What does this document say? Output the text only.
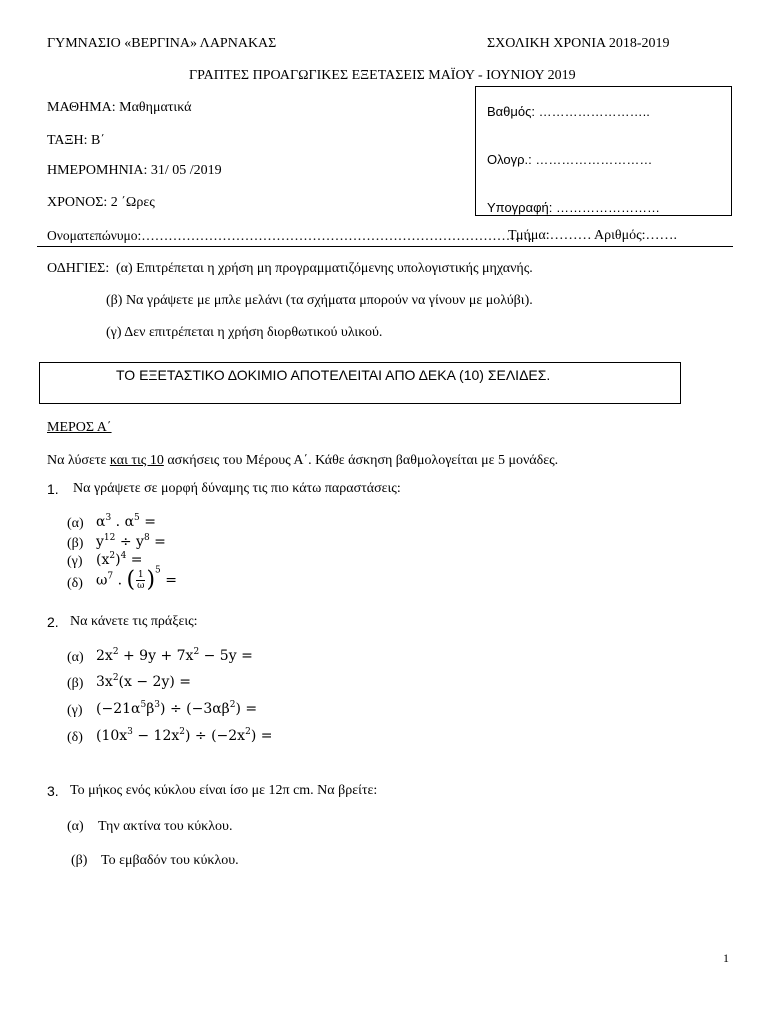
ΓΥΜΝΑΣΙΟ «ΒΕΡΓΙΝΑ» ΛΑΡΝΑΚΑΣ	ΣΧΟΛΙΚΗ ΧΡΟΝΙΑ 2018-2019
ΓΡΑΠΤΕΣ ΠΡΟΑΓΩΓΙΚΕΣ ΕΞΕΤΑΣΕΙΣ ΜΑΪΟΥ - ΙΟΥΝΙΟΥ 2019
ΜΑΘΗΜΑ: Μαθηματικά
ΤΑΞΗ: Β΄
ΗΜΕΡΟΜΗΝΙΑ: 31/ 05 /2019
ΧΡΟΝΟΣ: 2 ΄Ωρες
Βαθμός: ……………………..
Ολογρ.: ………………………
Υπογραφή: ……………………
Ονοματεπώνυμο:……………………………………………………………………………
Τμήμα:……… Αριθμός:…….
ΟΔΗΓΙΕΣ: (α) Επιτρέπεται η χρήση μη προγραμματιζόμενης υπολογιστικής μηχανής.
(β) Να γράψετε με μπλε μελάνι (τα σχήματα μπορούν να γίνουν με μολύβι).
(γ) Δεν επιτρέπεται η χρήση διορθωτικού υλικού.
ΤΟ ΕΞΕΤΑΣΤΙΚΟ ΔΟΚΙΜΙΟ ΑΠΟΤΕΛΕΙΤΑΙ ΑΠΟ ΔΕΚΑ (10) ΣΕΛΙΔΕΣ.
ΜΕΡΟΣ Α΄
Να λύσετε και τις 10 ασκήσεις του Μέρους Α΄. Κάθε άσκηση βαθμολογείται με 5 μονάδες.
1. Να γράψετε σε μορφή δύναμης τις πιο κάτω παραστάσεις:
(α) $\alpha^3$ . $\alpha^5$ =
(β) $y^{12} \div y^8$ =
(γ) $(x^2)^4$ =
(δ) $\omega^7$ . ( $\frac{1}{\omega} )^5$ =
2. Να κάνετε τις πράξεις:
(α) $2x^2 + 9y + 7x^2 - 5y$ =
(β) $3x^2(x - 2y)$ =
(γ) $(-21\alpha^5\beta^3) \div (-3\alpha\beta^2)$ =
(δ) $(10x^3 - 12x^2) \div (-2x^2)$ =
3. Το μήκος ενός κύκλου είναι ίσο με 12π cm. Να βρείτε:
(α) Την ακτίνα του κύκλου.
(β) Το εμβαδόν του κύκλου.
1
